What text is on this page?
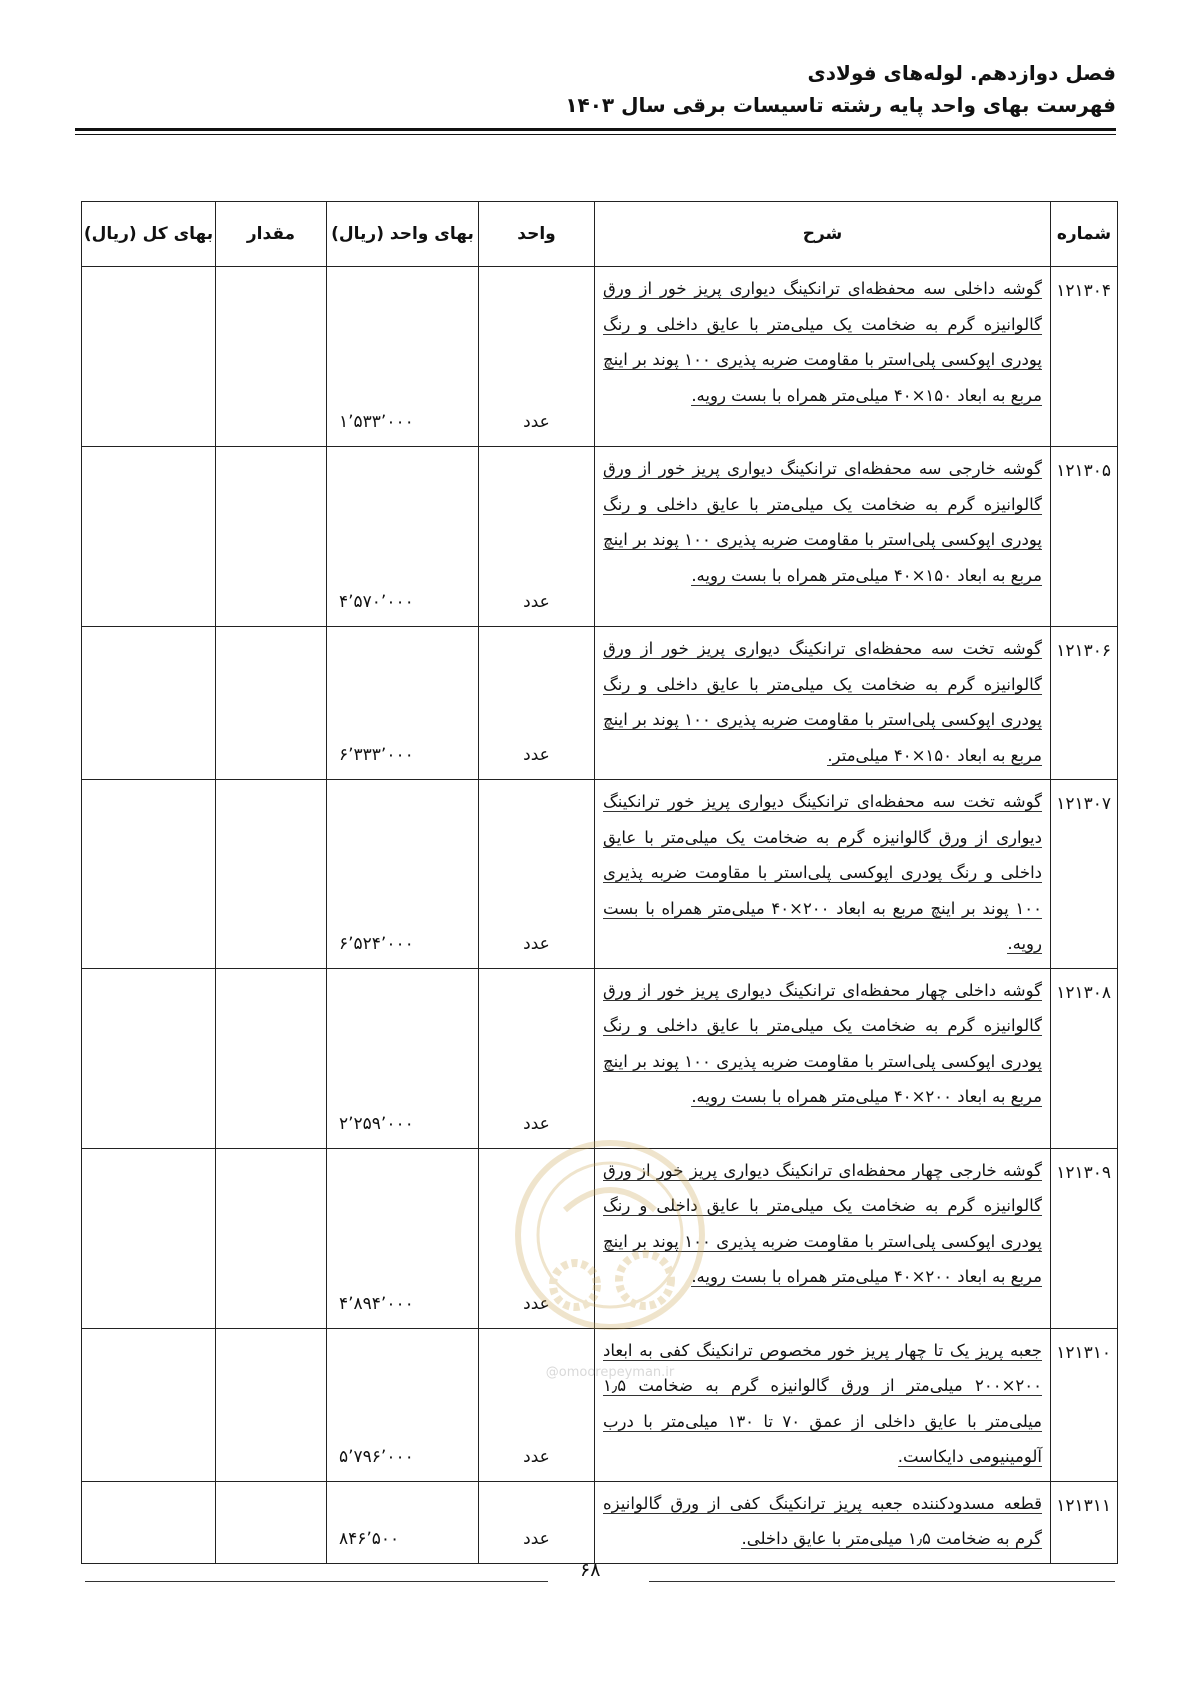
فصل دوازدهم. لوله‌های فولادی
فهرست بهای واحد پایه رشته تاسیسات برقی سال ۱۴۰۳
شماره	شرح	واحد	بهای واحد (ریال)	مقدار	بهای کل (ریال)
۱۲۱۳۰۴	گوشه داخلی سه محفظه‌ای ترانکینگ دیواری پریز خور از ورق گالوانیزه گرم به ضخامت یک میلی‌متر با عایق داخلی و رنگ پودری اپوکسی پلی‌استر با مقاومت ضربه پذیری ۱۰۰ پوند بر اینچ مربع به ابعاد ۱۵۰×۴۰ میلی‌متر همراه با بست رویه.	عدد	۱٬۵۳۳٬۰۰۰		
۱۲۱۳۰۵	گوشه خارجی سه محفظه‌ای ترانکینگ دیواری پریز خور از ورق گالوانیزه گرم به ضخامت یک میلی‌متر با عایق داخلی و رنگ پودری اپوکسی پلی‌استر با مقاومت ضربه پذیری ۱۰۰ پوند بر اینچ مربع به ابعاد ۱۵۰×۴۰ میلی‌متر همراه با بست رویه.	عدد	۴٬۵۷۰٬۰۰۰		
۱۲۱۳۰۶	گوشه تخت سه محفظه‌ای ترانکینگ دیواری پریز خور از ورق گالوانیزه گرم به ضخامت یک میلی‌متر با عایق داخلی و رنگ پودری اپوکسی پلی‌استر با مقاومت ضربه پذیری ۱۰۰ پوند بر اینچ مربع به ابعاد ۱۵۰×۴۰ میلی‌متر.	عدد	۶٬۳۳۳٬۰۰۰		
۱۲۱۳۰۷	گوشه تخت سه محفظه‌ای ترانکینگ دیواری پریز خور ترانکینگ دیواری از ورق گالوانیزه گرم به ضخامت یک میلی‌متر با عایق داخلی و رنگ پودری اپوکسی پلی‌استر با مقاومت ضربه پذیری ۱۰۰ پوند بر اینچ مربع به ابعاد ۲۰۰×۴۰ میلی‌متر همراه با بست رویه.	عدد	۶٬۵۲۴٬۰۰۰		
۱۲۱۳۰۸	گوشه داخلی چهار محفظه‌ای ترانکینگ دیواری پریز خور از ورق گالوانیزه گرم به ضخامت یک میلی‌متر با عایق داخلی و رنگ پودری اپوکسی پلی‌استر با مقاومت ضربه پذیری ۱۰۰ پوند بر اینچ مربع به ابعاد ۲۰۰×۴۰ میلی‌متر همراه با بست رویه.	عدد	۲٬۲۵۹٬۰۰۰		
۱۲۱۳۰۹	گوشه خارجی چهار محفظه‌ای ترانکینگ دیواری پریز خور از ورق گالوانیزه گرم به ضخامت یک میلی‌متر با عایق داخلی و رنگ پودری اپوکسی پلی‌استر با مقاومت ضربه پذیری ۱۰۰ پوند بر اینچ مربع به ابعاد ۲۰۰×۴۰ میلی‌متر همراه با بست رویه.	عدد	۴٬۸۹۴٬۰۰۰		
۱۲۱۳۱۰	جعبه پریز یک تا چهار پریز خور مخصوص ترانکینگ کفی به ابعاد ۲۰۰×۲۰۰ میلی‌متر از ورق گالوانیزه گرم به ضخامت ۱٫۵ میلی‌متر با عایق داخلی از عمق ۷۰ تا ۱۳۰ میلی‌متر با درب آلومینیومی دایکاست.	عدد	۵٬۷۹۶٬۰۰۰		
۱۲۱۳۱۱	قطعه مسدودکننده جعبه پریز ترانکینگ کفی از ورق گالوانیزه گرم به ضخامت ۱٫۵ میلی‌متر با عایق داخلی.	عدد	۸۴۶٬۵۰۰		
@omoorepeyman.ir
۶۸
